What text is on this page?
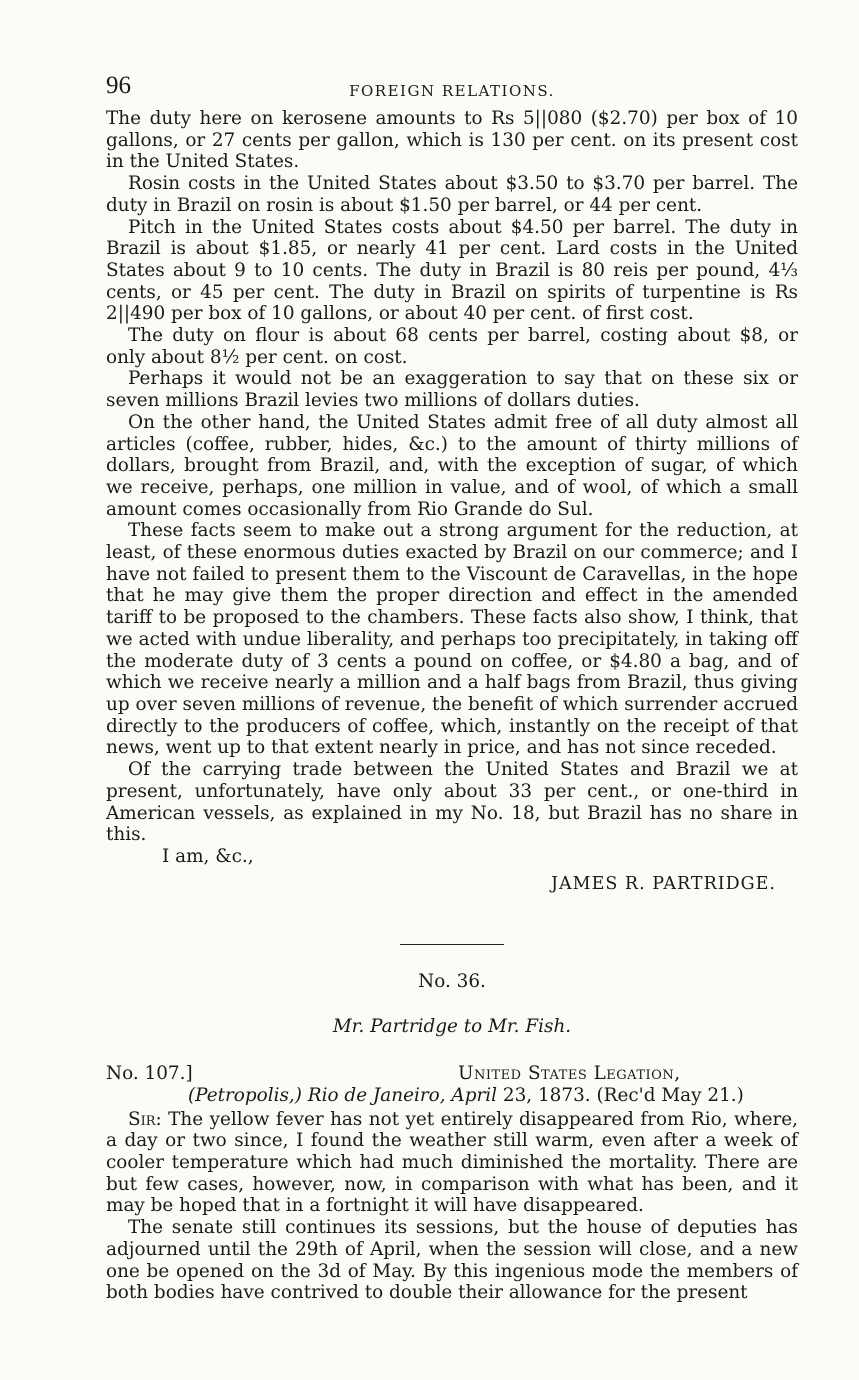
96	FOREIGN RELATIONS.

The duty here on kerosene amounts to Rs 5||080 ($2.70) per box of 10 gallons, or 27 cents per gallon, which is 130 per cent. on its present cost in the United States.

Rosin costs in the United States about $3.50 to $3.70 per barrel. The duty in Brazil on rosin is about $1.50 per barrel, or 44 per cent.

Pitch in the United States costs about $4.50 per barrel. The duty in Brazil is about $1.85, or nearly 41 per cent. Lard costs in the United States about 9 to 10 cents. The duty in Brazil is 80 reis per pound, 4⅓ cents, or 45 per cent. The duty in Brazil on spirits of turpentine is Rs 2||490 per box of 10 gallons, or about 40 per cent. of first cost.

The duty on flour is about 68 cents per barrel, costing about $8, or only about 8½ per cent. on cost.

Perhaps it would not be an exaggeration to say that on these six or seven millions Brazil levies two millions of dollars duties.

On the other hand, the United States admit free of all duty almost all articles (coffee, rubber, hides, &c.) to the amount of thirty millions of dollars, brought from Brazil, and, with the exception of sugar, of which we receive, perhaps, one million in value, and of wool, of which a small amount comes occasionally from Rio Grande do Sul.

These facts seem to make out a strong argument for the reduction, at least, of these enormous duties exacted by Brazil on our commerce; and I have not failed to present them to the Viscount de Caravellas, in the hope that he may give them the proper direction and effect in the amended tariff to be proposed to the chambers. These facts also show, I think, that we acted with undue liberality, and perhaps too precipitately, in taking off the moderate duty of 3 cents a pound on coffee, or $4.80 a bag, and of which we receive nearly a million and a half bags from Brazil, thus giving up over seven millions of revenue, the benefit of which surrender accrued directly to the producers of coffee, which, instantly on the receipt of that news, went up to that extent nearly in price, and has not since receded.

Of the carrying trade between the United States and Brazil we at present, unfortunately, have only about 33 per cent., or one-third in American vessels, as explained in my No. 18, but Brazil has no share in this.

I am, &c.,

JAMES R. PARTRIDGE.

No. 36.
Mr. Partridge to Mr. Fish.
No. 107.]	United States Legation,
(Petropolis,) Rio de Janeiro, April 23, 1873. (Rec'd May 21.)

Sir: The yellow fever has not yet entirely disappeared from Rio, where, a day or two since, I found the weather still warm, even after a week of cooler temperature which had much diminished the mortality. There are but few cases, however, now, in comparison with what has been, and it may be hoped that in a fortnight it will have disappeared.

The senate still continues its sessions, but the house of deputies has adjourned until the 29th of April, when the session will close, and a new one be opened on the 3d of May. By this ingenious mode the members of both bodies have contrived to double their allowance for the present
